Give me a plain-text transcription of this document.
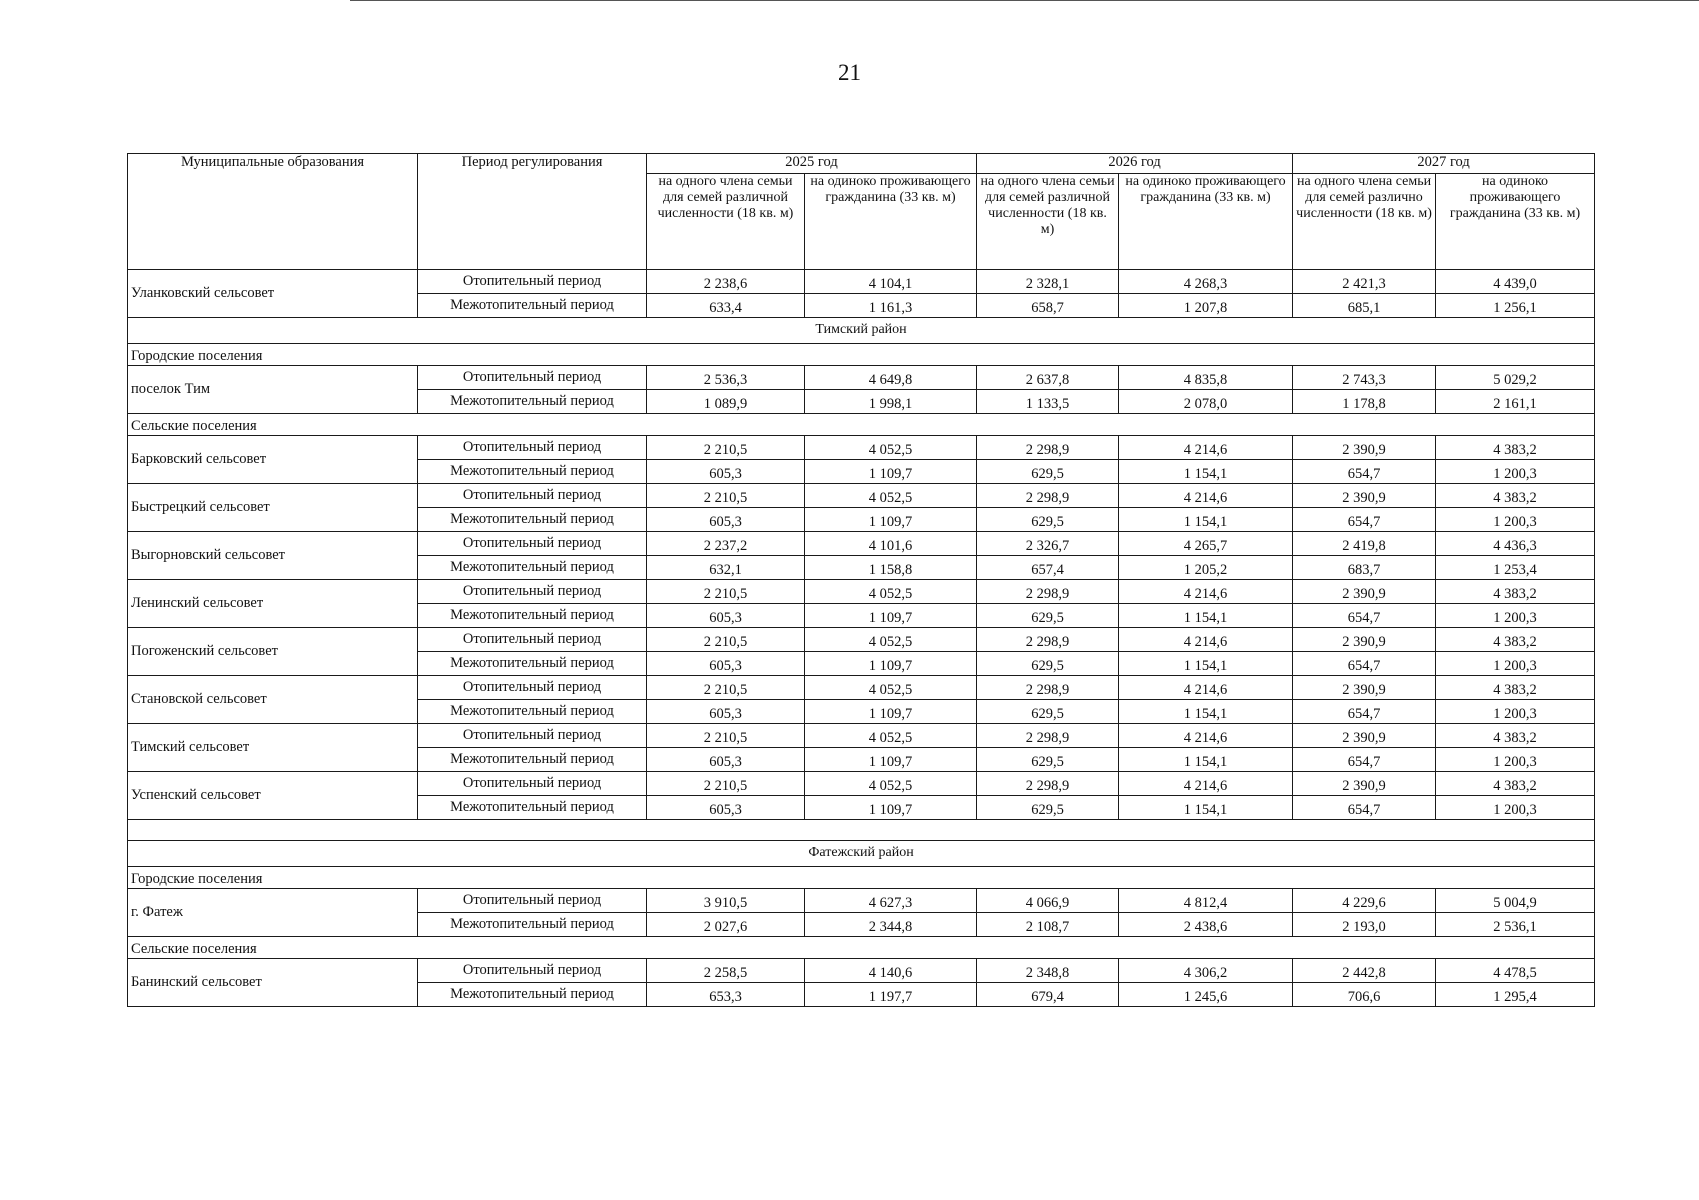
21
Муниципальные образования	Период регулирования	2025 год		2026 год		2027 год	
		на одного члена семьи для семей различной численности (18 кв. м)	на одиноко проживающего гражданина (33 кв. м)	на одного члена семьи для семей различной численности (18 кв. м)	на одиноко проживающего гражданина (33 кв. м)	на одного члена семьи для семей различно численности (18 кв. м)	на одиноко проживающего гражданина (33 кв. м)
Уланковский сельсовет	Отопительный период	2 238,6	4 104,1	2 328,1	4 268,3	2 421,3	4 439,0
	Межотопительный период	633,4	1 161,3	658,7	1 207,8	685,1	1 256,1
Тимский район							
Городские поселения							
поселок Тим	Отопительный период	2 536,3	4 649,8	2 637,8	4 835,8	2 743,3	5 029,2
	Межотопительный период	1 089,9	1 998,1	1 133,5	2 078,0	1 178,8	2 161,1
Сельские поселения							
Барковский сельсовет	Отопительный период	2 210,5	4 052,5	2 298,9	4 214,6	2 390,9	4 383,2
	Межотопительный период	605,3	1 109,7	629,5	1 154,1	654,7	1 200,3
Быстрецкий сельсовет	Отопительный период	2 210,5	4 052,5	2 298,9	4 214,6	2 390,9	4 383,2
	Межотопительный период	605,3	1 109,7	629,5	1 154,1	654,7	1 200,3
Выгорновский сельсовет	Отопительный период	2 237,2	4 101,6	2 326,7	4 265,7	2 419,8	4 436,3
	Межотопительный период	632,1	1 158,8	657,4	1 205,2	683,7	1 253,4
Ленинский сельсовет	Отопительный период	2 210,5	4 052,5	2 298,9	4 214,6	2 390,9	4 383,2
	Межотопительный период	605,3	1 109,7	629,5	1 154,1	654,7	1 200,3
Погоженский сельсовет	Отопительный период	2 210,5	4 052,5	2 298,9	4 214,6	2 390,9	4 383,2
	Межотопительный период	605,3	1 109,7	629,5	1 154,1	654,7	1 200,3
Становской сельсовет	Отопительный период	2 210,5	4 052,5	2 298,9	4 214,6	2 390,9	4 383,2
	Межотопительный период	605,3	1 109,7	629,5	1 154,1	654,7	1 200,3
Тимский сельсовет	Отопительный период	2 210,5	4 052,5	2 298,9	4 214,6	2 390,9	4 383,2
	Межотопительный период	605,3	1 109,7	629,5	1 154,1	654,7	1 200,3
Успенский сельсовет	Отопительный период	2 210,5	4 052,5	2 298,9	4 214,6	2 390,9	4 383,2
	Межотопительный период	605,3	1 109,7	629,5	1 154,1	654,7	1 200,3

Фатежский район							
Городские поселения							
г. Фатеж	Отопительный период	3 910,5	4 627,3	4 066,9	4 812,4	4 229,6	5 004,9
	Межотопительный период	2 027,6	2 344,8	2 108,7	2 438,6	2 193,0	2 536,1
Сельские поселения							
Банинский сельсовет	Отопительный период	2 258,5	4 140,6	2 348,8	4 306,2	2 442,8	4 478,5
	Межотопительный период	653,3	1 197,7	679,4	1 245,6	706,6	1 295,4
